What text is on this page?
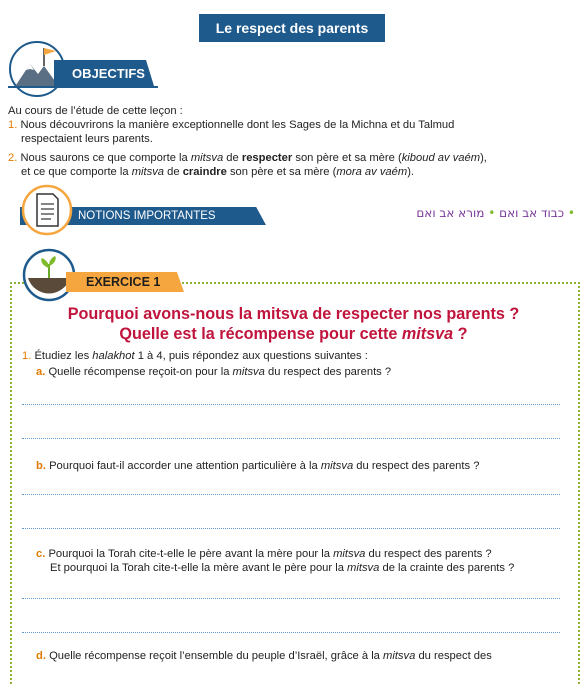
Le respect des parents
OBJECTIFS

Au cours de l’étude de cette leçon :

1. Nous découvrirons la manière exceptionnelle dont les Sages de la Michna et du Talmud

respectaient leurs parents.

2. Nous saurons ce que comporte la mitsva de respecter son père et sa mère (kiboud av vaém),

et ce que comporte la mitsva de craindre son père et sa mère (mora av vaém).

NOTIONS IMPORTANTES	• כבוד אב ואם • מורא אב ואם
EXERCICE 1
Pourquoi avons-nous la mitsva de respecter nos parents ?
Quelle est la récompense pour cette mitsva ?

1. Étudiez les halakhot 1 à 4, puis répondez aux questions suivantes :

a. Quelle récompense reçoit-on pour la mitsva du respect des parents ?

b. Pourquoi faut-il accorder une attention particulière à la mitsva du respect des parents ?

c. Pourquoi la Torah cite-t-elle le père avant la mère pour la mitsva du respect des parents ?

Et pourquoi la Torah cite-t-elle la mère avant le père pour la mitsva de la crainte des parents ?

d. Quelle récompense reçoit l’ensemble du peuple d’Israël, grâce à la mitsva du respect des
